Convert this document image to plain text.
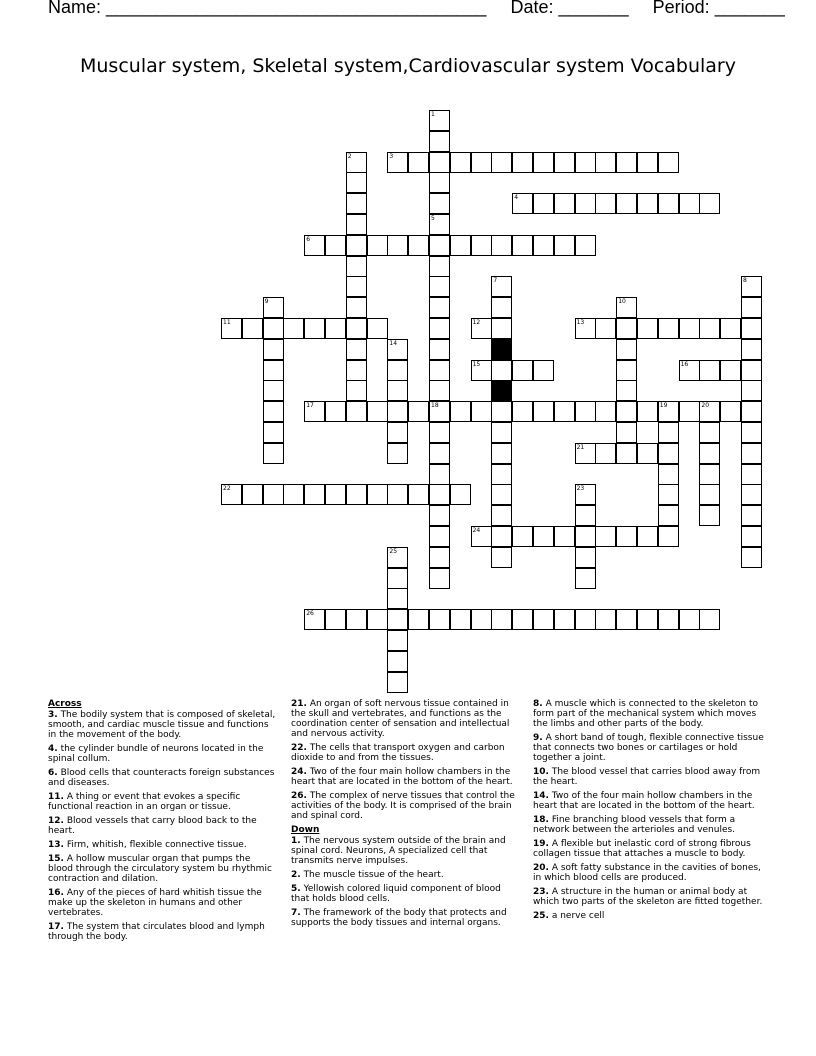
Name: ______________________________________ Date: _______ Period: _______
Muscular system, Skeletal system,Cardiovascular system Vocabulary
3
4
6
11	12	13
15	16
17	18	19	20
21
22
24
26
1
5
2
7	8
9	10
14
23
25
Across
3. The bodily system that is composed of skeletal, smooth, and cardiac muscle tissue and functions in the movement of the body.
4. the cylinder bundle of neurons located in the spinal collum.
6. Blood cells that counteracts foreign substances and diseases.
11. A thing or event that evokes a specific functional reaction in an organ or tissue.
12. Blood vessels that carry blood back to the heart.
13. Firm, whitish, flexible connective tissue.
15. A hollow muscular organ that pumps the blood through the circulatory system bu rhythmic contraction and dilation.
16. Any of the pieces of hard whitish tissue the make up the skeleton in humans and other vertebrates.
17. The system that circulates blood and lymph through the body.
21. An organ of soft nervous tissue contained in the skull and vertebrates, and functions as the coordination center of sensation and intellectual and nervous activity.
22. The cells that transport oxygen and carbon dioxide to and from the tissues.
24. Two of the four main hollow chambers in the heart that are located in the bottom of the heart.
26. The complex of nerve tissues that control the activities of the body. It is comprised of the brain and spinal cord.
Down
1. The nervous system outside of the brain and spinal cord. Neurons, A specialized cell that transmits nerve impulses.
2. The muscle tissue of the heart.
5. Yellowish colored liquid component of blood that holds blood cells.
7. The framework of the body that protects and supports the body tissues and internal organs.
8. A muscle which is connected to the skeleton to form part of the mechanical system which moves the limbs and other parts of the body.
9. A short band of tough, flexible connective tissue that connects two bones or cartilages or hold together a joint.
10. The blood vessel that carries blood away from the heart.
14. Two of the four main hollow chambers in the heart that are located in the bottom of the heart.
18. Fine branching blood vessels that form a network between the arterioles and venules.
19. A flexible but inelastic cord of strong fibrous collagen tissue that attaches a muscle to body.
20. A soft fatty substance in the cavities of bones, in which blood cells are produced.
23. A structure in the human or animal body at which two parts of the skeleton are fitted together.
25. a nerve cell
